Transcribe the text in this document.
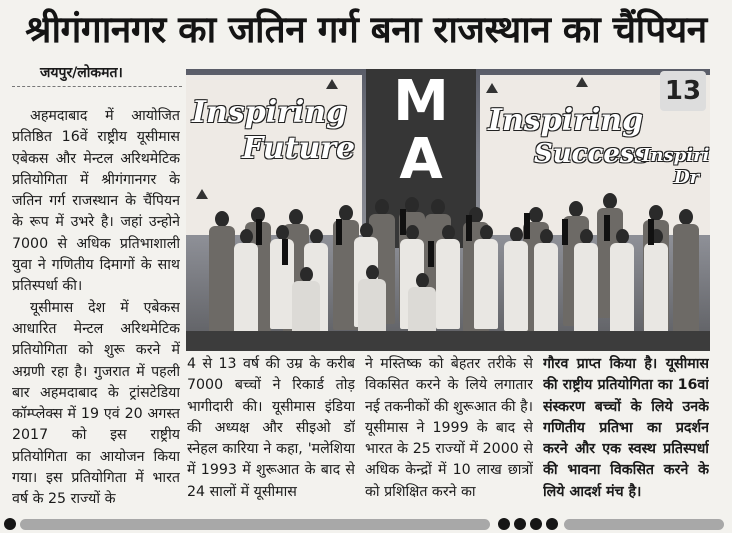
श्रीगंगानगर का जतिन गर्ग बना राजस्थान का चैंपियन
जयपुर/लोकमत।

अहमदाबाद में आयोजित प्रतिष्ठित 16वें राष्ट्रीय यूसीमास एबेकस और मेन्टल अरिथमेटिक प्रतियोगिता में श्रीगंगानगर के जतिन गर्ग राजस्थान के चैंपियन के रूप में उभरे है। जहां उन्होने 7000 से अधिक प्रतिभाशाली युवा ने गणितीय दिमागों के साथ प्रतिस्पर्धा की।

यूसीमास देश में एबेकस आधारित मेन्टल अरिथमेटिक प्रतियोगिता को शुरू करने में अग्रणी रहा है। गुजरात में पहली बार अहमदाबाद के ट्रांसटेडिया कॉम्प्लेक्स में 19 एवं 20 अगस्त 2017 को इस राष्ट्रीय प्रतियोगिता का आयोजन किया गया। इस प्रतियोगिता में भारत वर्ष के 25 राज्यों के

Inspiring
Future
M
A
Inspiring
Success
Inspiri
Dr
13

4 से 13 वर्ष की उम्र के करीब 7000 बच्चों ने रिकार्ड तोड़ भागीदारी की। यूसीमास इंडिया की अध्यक्ष और सीइओ डॉ स्नेहल कारिया ने कहा, 'मलेशिया में 1993 में शुरूआत के बाद से 24 सालों में यूसीमास

ने मस्तिष्क को बेहतर तरीके से विकसित करने के लिये लगातार नई तकनीकों की शुरूआत की है। यूसीमास ने 1999 के बाद से भारत के 25 राज्यों में 2000 से अधिक केन्द्रों में 10 लाख छात्रों को प्रशिक्षित करने का

गौरव प्राप्त किया है। यूसीमास की राष्ट्रीय प्रतियोगिता का 16वां संस्करण बच्चों के लिये उनके गणितीय प्रतिभा का प्रदर्शन करने और एक स्वस्थ प्रतिस्पर्धा की भावना विकसित करने के लिये आदर्श मंच है।
